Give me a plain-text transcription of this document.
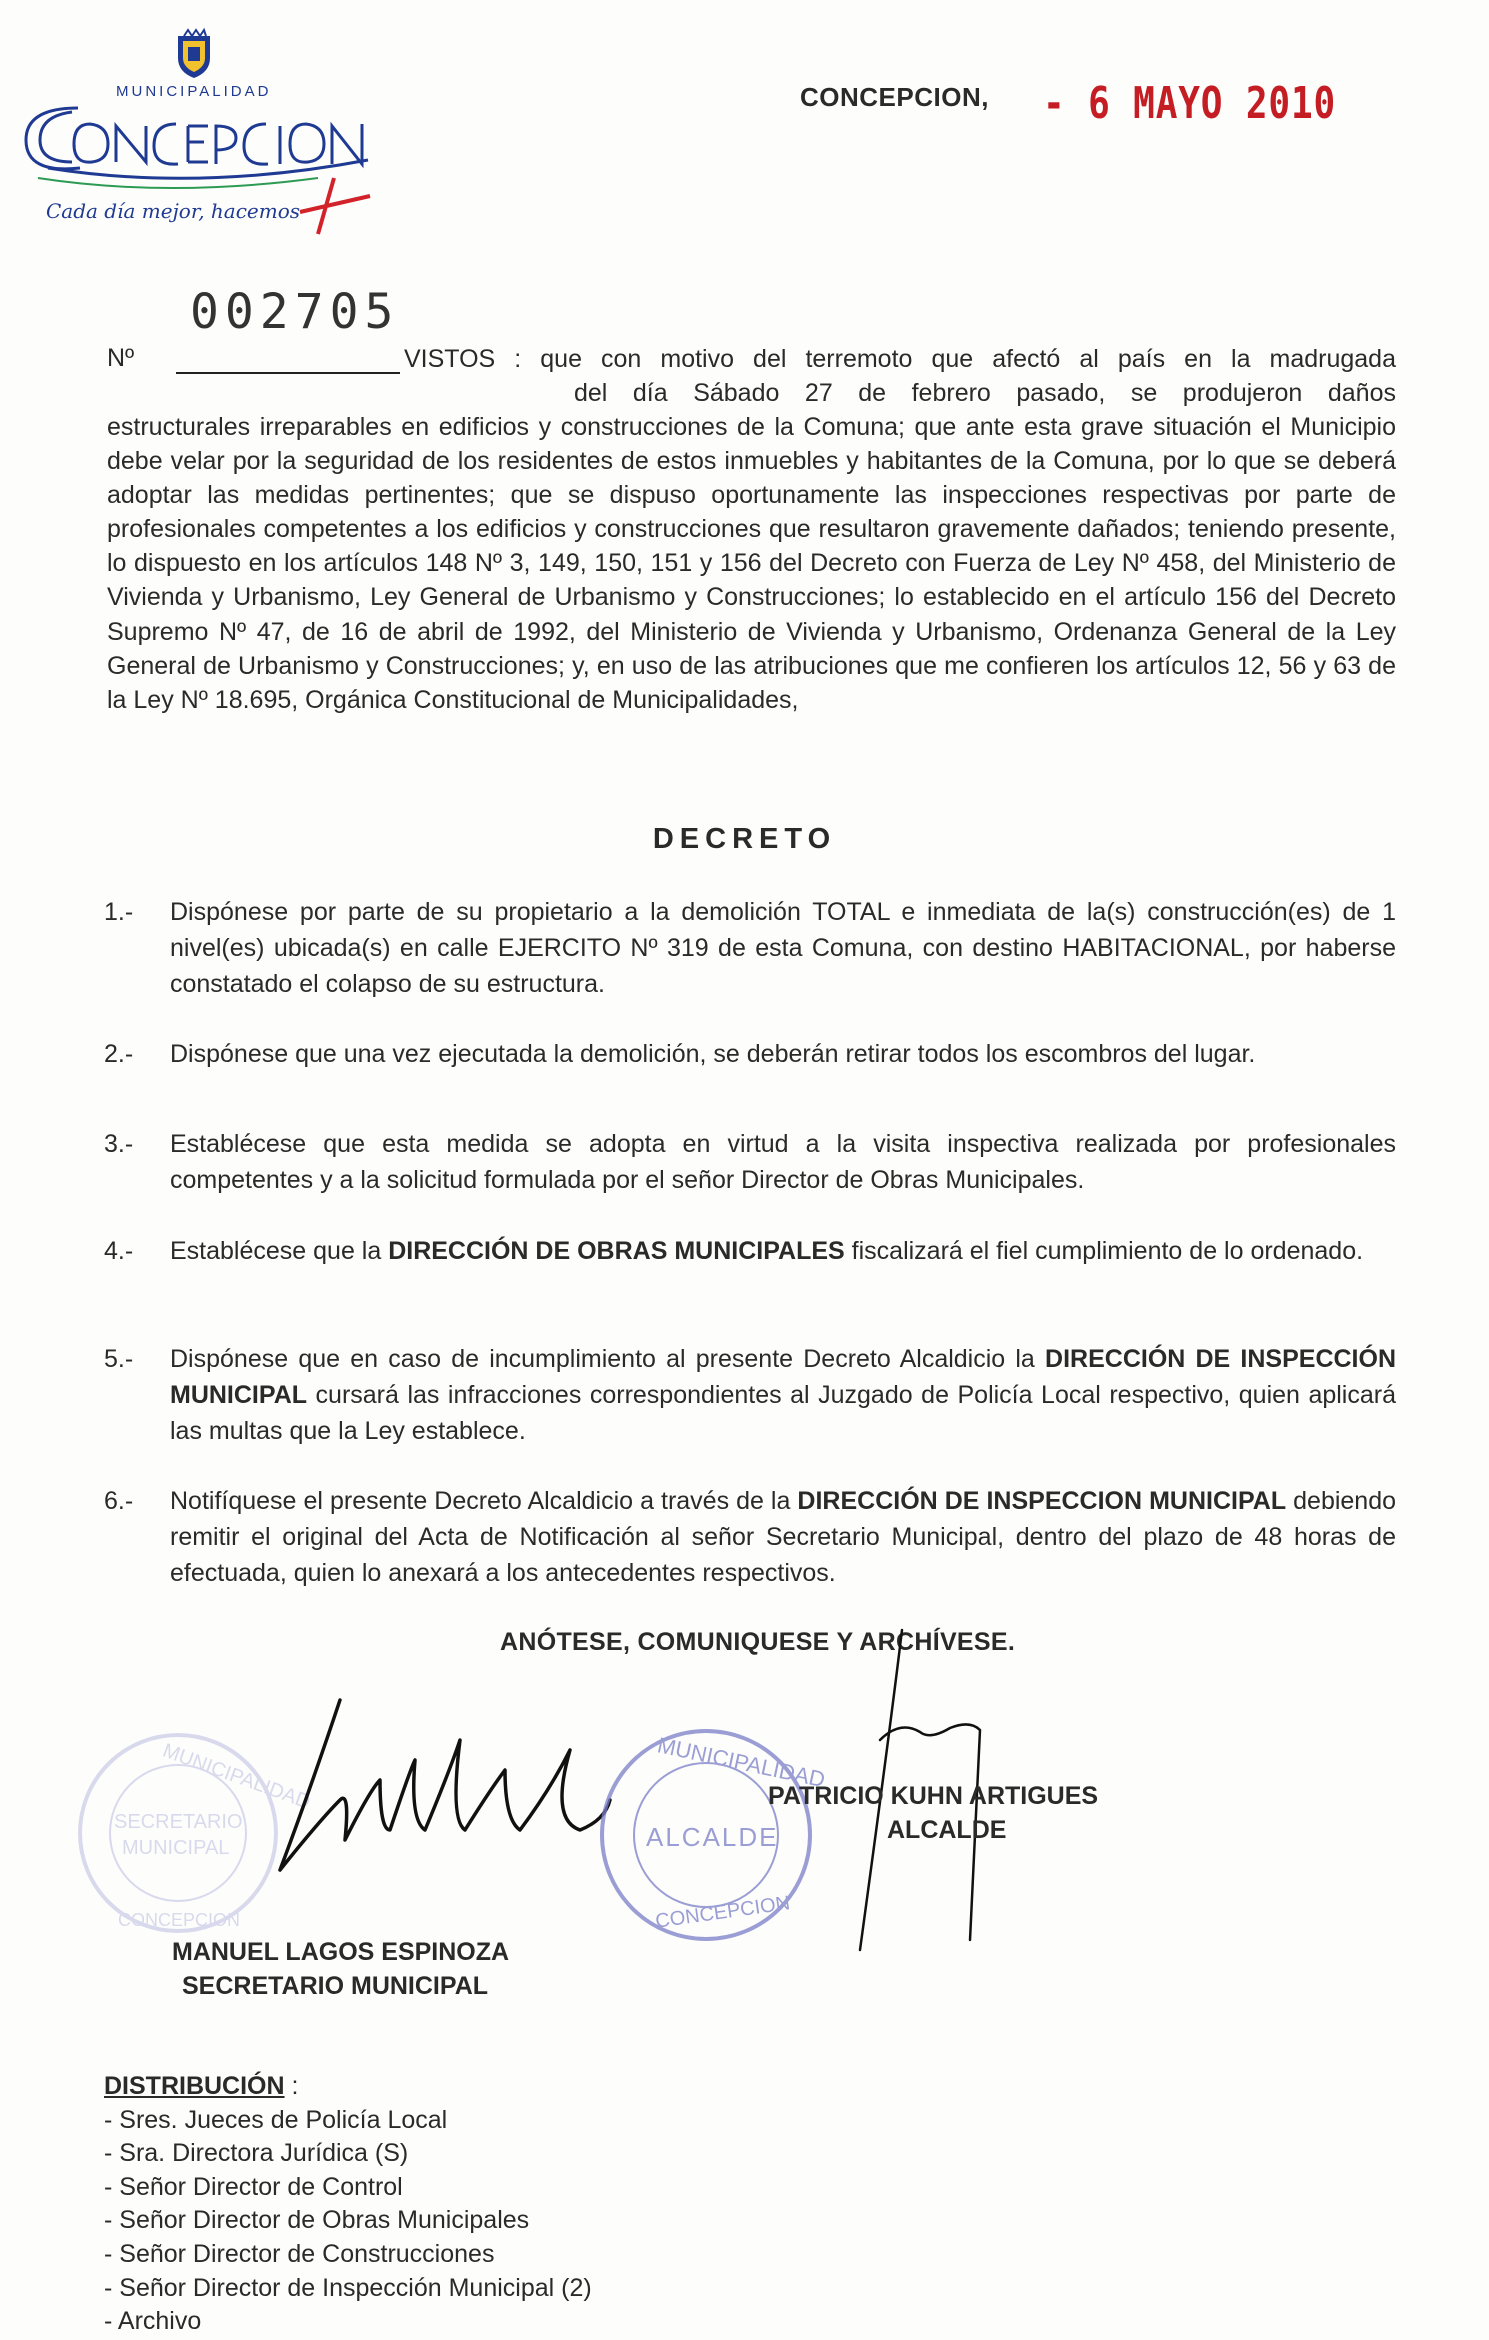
MUNICIPALIDAD
Cada día mejor, hacemos
CONCEPCION, - 6 MAYO 2010
002705
Nº	VISTOS : que con motivo del terremoto que afectó al país en la madrugada
del día Sábado 27 de febrero pasado, se produjeron daños
estructurales irreparables en edificios y construcciones de la Comuna; que ante esta grave situación el Municipio debe velar por la seguridad de los residentes de estos inmuebles y habitantes de la Comuna, por lo que se deberá adoptar las medidas pertinentes; que se dispuso oportunamente las inspecciones respectivas por parte de profesionales competentes a los edificios y construcciones que resultaron gravemente dañados; teniendo presente, lo dispuesto en los artículos 148 Nº 3, 149, 150, 151 y 156 del Decreto con Fuerza de Ley Nº 458, del Ministerio de Vivienda y Urbanismo, Ley General de Urbanismo y Construcciones; lo establecido en el artículo 156 del Decreto Supremo Nº 47, de 16 de abril de 1992, del Ministerio de Vivienda y Urbanismo, Ordenanza General de la Ley General de Urbanismo y Construcciones; y, en uso de las atribuciones que me confieren los artículos 12, 56 y 63 de la Ley Nº 18.695, Orgánica Constitucional de Municipalidades,
DECRETO
1.- Dispónese por parte de su propietario a la demolición TOTAL e inmediata de la(s) construcción(es) de 1 nivel(es) ubicada(s) en calle EJERCITO Nº 319 de esta Comuna, con destino HABITACIONAL, por haberse constatado el colapso de su estructura.
2.- Dispónese que una vez ejecutada la demolición, se deberán retirar todos los escombros del lugar.
3.- Establécese que esta medida se adopta en virtud a la visita inspectiva realizada por profesionales competentes y a la solicitud formulada por el señor Director de Obras Municipales.
4.- Establécese que la DIRECCIÓN DE OBRAS MUNICIPALES fiscalizará el fiel cumplimiento de lo ordenado.
5.- Dispónese que en caso de incumplimiento al presente Decreto Alcaldicio la DIRECCIÓN DE INSPECCIÓN MUNICIPAL cursará las infracciones correspondientes al Juzgado de Policía Local respectivo, quien aplicará las multas que la Ley establece.
6.- Notifíquese el presente Decreto Alcaldicio a través de la DIRECCIÓN DE INSPECCION MUNICIPAL debiendo remitir el original del Acta de Notificación al señor Secretario Municipal, dentro del plazo de 48 horas de efectuada, quien lo anexará a los antecedentes respectivos.
ANÓTESE, COMUNIQUESE Y ARCHÍVESE.
MUNICIPALIDAD
SECRETARIO
MUNICIPAL
CONCEPCION
MANUEL LAGOS ESPINOZA
SECRETARIO MUNICIPAL
MUNICIPALIDAD
ALCALDE
CONCEPCION
PATRICIO KUHN ARTIGUES
ALCALDE
DISTRIBUCIÓN :
- Sres. Jueces de Policía Local
- Sra. Directora Jurídica (S)
- Señor Director de Control
- Señor Director de Obras Municipales
- Señor Director de Construcciones
- Señor Director de Inspección Municipal (2)
- Archivo
